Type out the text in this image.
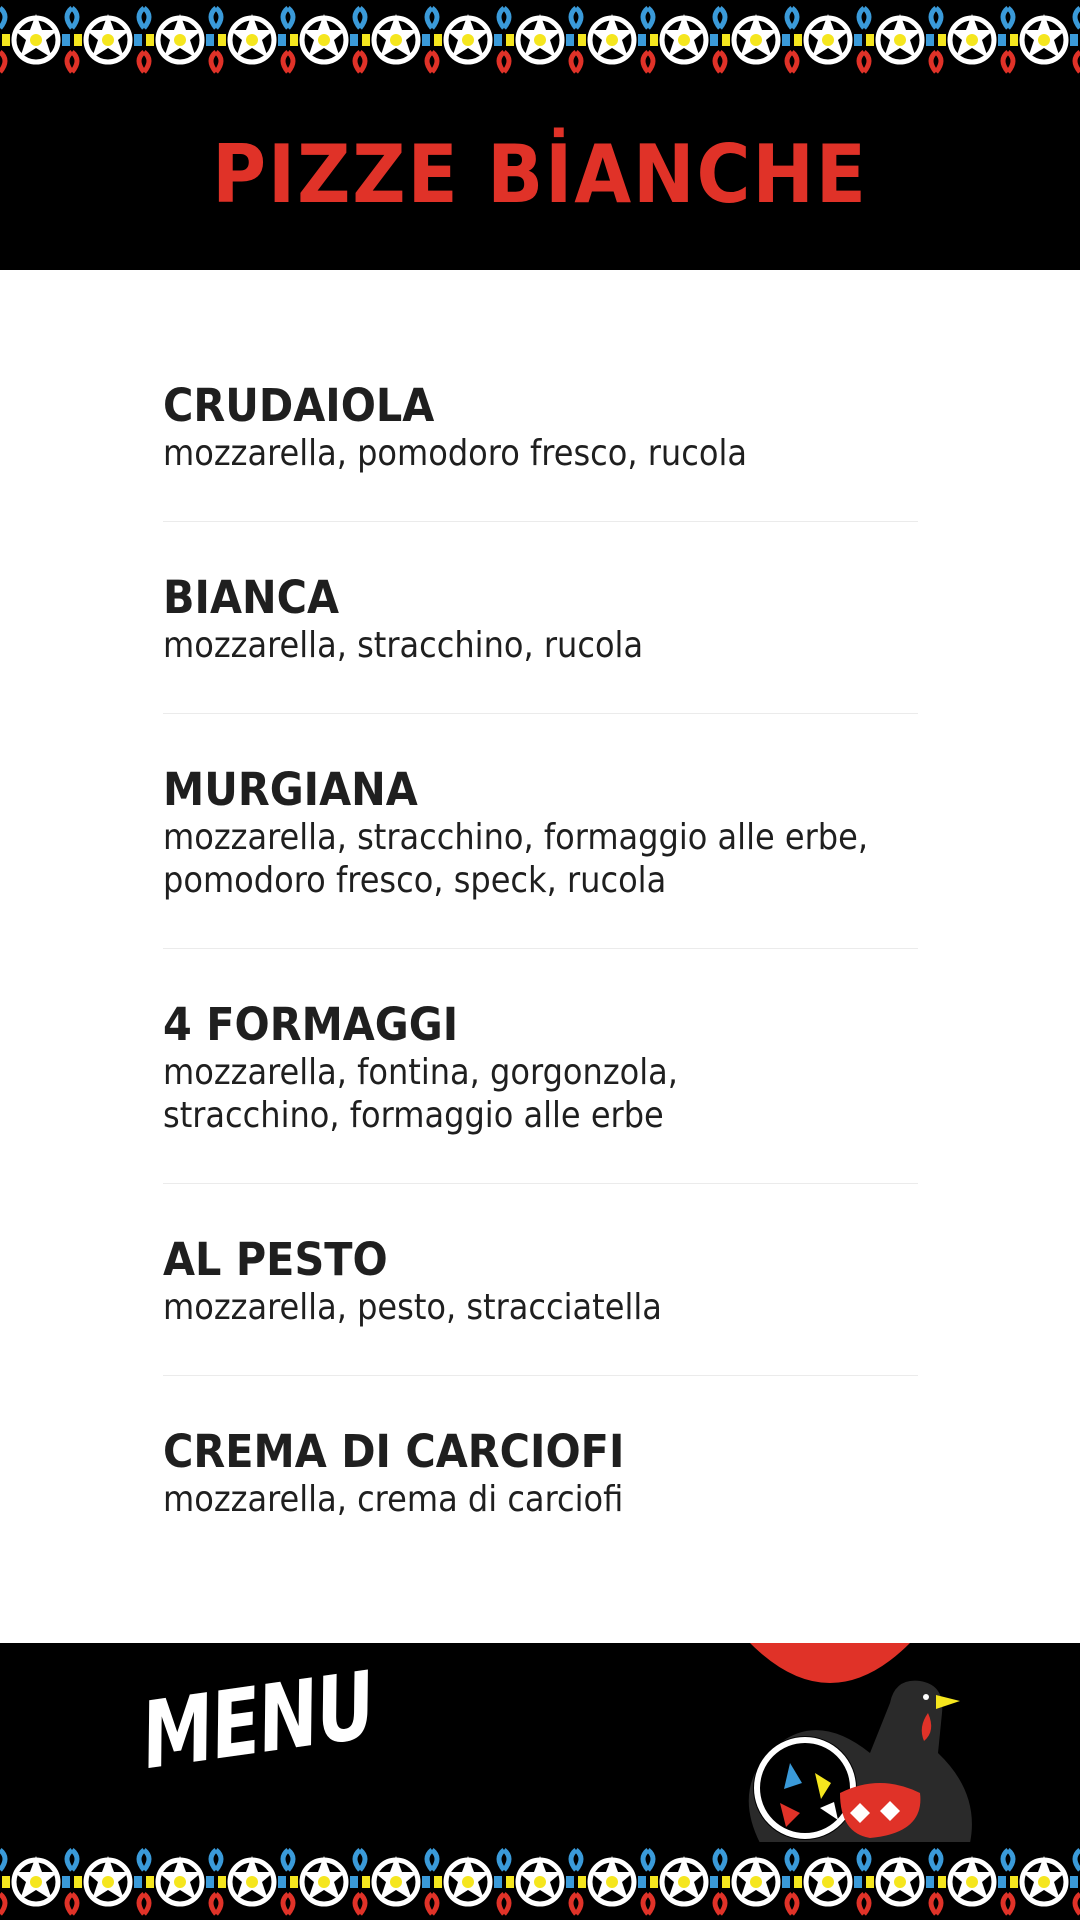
PIZZE BİANCHE
CRUDAIOLA
mozzarella, pomodoro fresco, rucola
BIANCA
mozzarella, stracchino, rucola
MURGIANA
mozzarella, stracchino, formaggio alle erbe,
pomodoro fresco, speck, rucola
4 FORMAGGI
mozzarella, fontina, gorgonzola,
stracchino, formaggio alle erbe
AL PESTO
mozzarella, pesto, stracciatella
CREMA DI CARCIOFI
mozzarella, crema di carciofi
MENU
